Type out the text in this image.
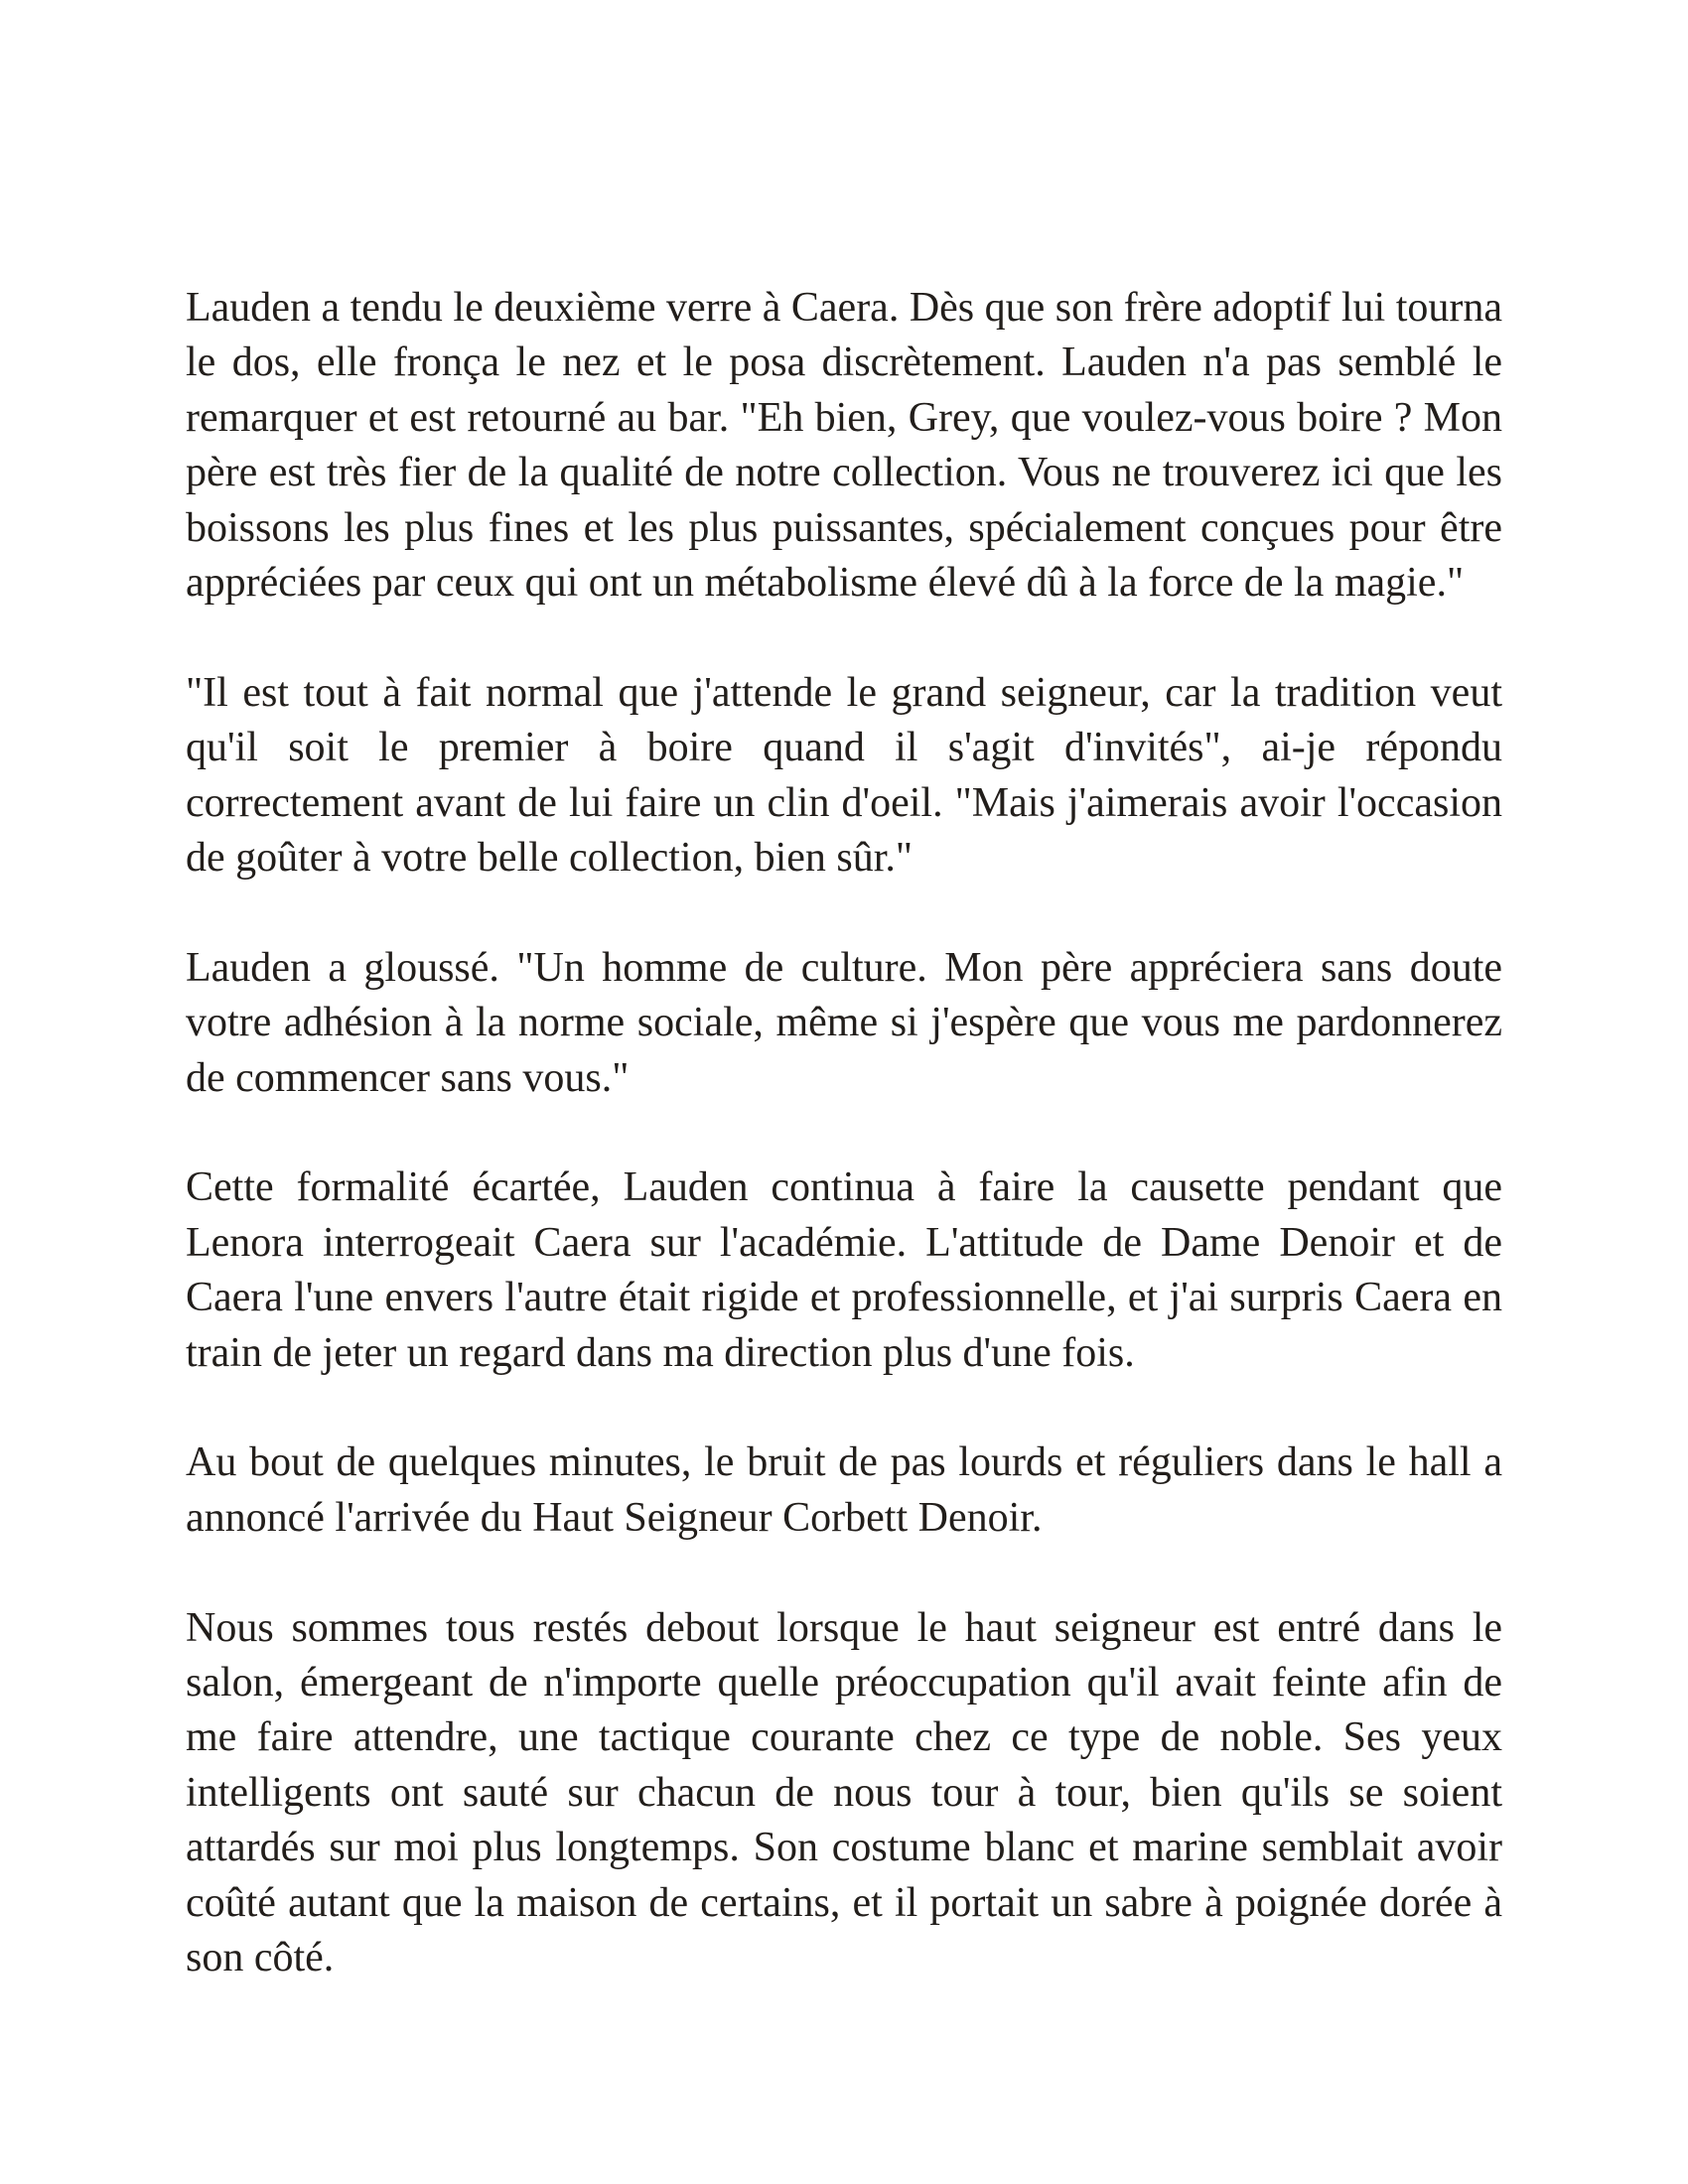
Lauden a tendu le deuxième verre à Caera. Dès que son frère adoptif lui tourna le dos, elle fronça le nez et le posa discrètement. Lauden n'a pas semblé le remarquer et est retourné au bar. "Eh bien, Grey, que voulez-vous boire ? Mon père est très fier de la qualité de notre collection. Vous ne trouverez ici que les boissons les plus fines et les plus puissantes, spécialement conçues pour être appréciées par ceux qui ont un métabolisme élevé dû à la force de la magie."

"Il est tout à fait normal que j'attende le grand seigneur, car la tradition veut qu'il soit le premier à boire quand il s'agit d'invités", ai-je répondu correctement avant de lui faire un clin d'oeil. "Mais j'aimerais avoir l'occasion de goûter à votre belle collection, bien sûr."

Lauden a gloussé. "Un homme de culture. Mon père appréciera sans doute votre adhésion à la norme sociale, même si j'espère que vous me pardonnerez de commencer sans vous."

Cette formalité écartée, Lauden continua à faire la causette pendant que Lenora interrogeait Caera sur l'académie. L'attitude de Dame Denoir et de Caera l'une envers l'autre était rigide et professionnelle, et j'ai surpris Caera en train de jeter un regard dans ma direction plus d'une fois.

Au bout de quelques minutes, le bruit de pas lourds et réguliers dans le hall a annoncé l'arrivée du Haut Seigneur Corbett Denoir.

Nous sommes tous restés debout lorsque le haut seigneur est entré dans le salon, émergeant de n'importe quelle préoccupation qu'il avait feinte afin de me faire attendre, une tactique courante chez ce type de noble. Ses yeux intelligents ont sauté sur chacun de nous tour à tour, bien qu'ils se soient attardés sur moi plus longtemps. Son costume blanc et marine semblait avoir coûté autant que la maison de certains, et il portait un sabre à poignée dorée à son côté.
